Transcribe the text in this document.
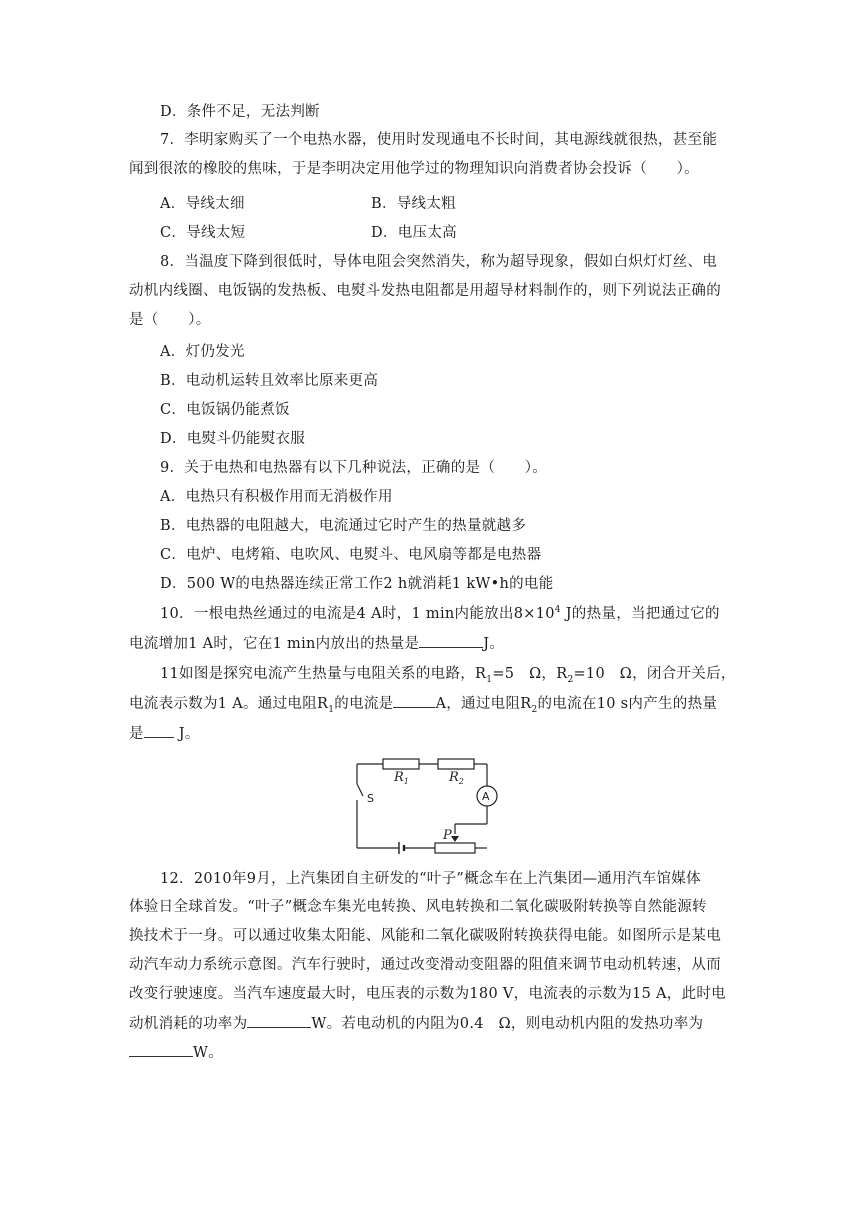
D．条件不足，无法判断
7．李明家购买了一个电热水器，使用时发现通电不长时间，其电源线就很热，甚至能
闻到很浓的橡胶的焦味，于是李明决定用他学过的物理知识向消费者协会投诉（　　）。
A．导线太细	B．导线太粗
C．导线太短	D．电压太高
8．当温度下降到很低时，导体电阻会突然消失，称为超导现象，假如白炽灯灯丝、电
动机内线圈、电饭锅的发热板、电熨斗发热电阻都是用超导材料制作的，则下列说法正确的
是（　　）。
A．灯仍发光
B．电动机运转且效率比原来更高
C．电饭锅仍能煮饭
D．电熨斗仍能熨衣服
9．关于电热和电热器有以下几种说法，正确的是（　　）。
A．电热只有积极作用而无消极作用
B．电热器的电阻越大，电流通过它时产生的热量就越多
C．电炉、电烤箱、电吹风、电熨斗、电风扇等都是电热器
D．500 W的电热器连续正常工作2 h就消耗1 kW•h的电能
10．一根电热丝通过的电流是4 A时，1 min内能放出$8\times 10^4$ J的热量，当把通过它的
电流增加1 A时，它在1 min内放出的热量是	J。
11如图是探究电流产生热量与电阻关系的电路，$R_1=5$　Ω，$R_2=10$　Ω，闭合开关后，
电流表示数为1 A。通过电阻$R_1$的电流是	A，通过电阻$R_2$的电流在10 s内产生的热量
是 J。
$R_1$	$R_2$
P
A
S
12．2010年9月，上汽集团自主研发的“叶子”概念车在上汽集团—通用汽车馆媒体
体验日全球首发。“叶子”概念车集光电转换、风电转换和二氧化碳吸附转换等自然能源转
换技术于一身。可以通过收集太阳能、风能和二氧化碳吸附转换获得电能。如图所示是某电
动汽车动力系统示意图。汽车行驶时，通过改变滑动变阻器的阻值来调节电动机转速，从而
改变行驶速度。当汽车速度最大时，电压表的示数为180 V，电流表的示数为15 A，此时电
动机消耗的功率为	W。若电动机的内阻为0.4　Ω，则电动机内阻的发热功率为
W。
